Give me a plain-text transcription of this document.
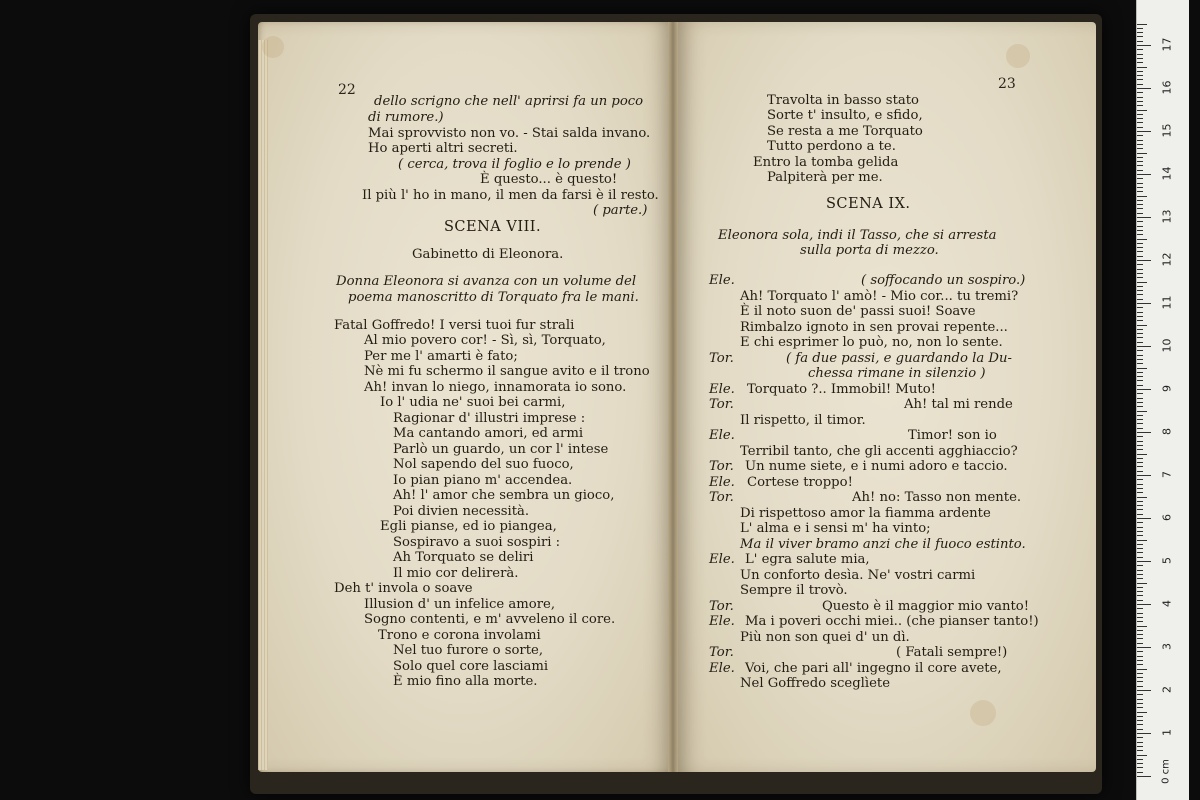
22
dello scrigno che nell' aprirsi fa un poco
di rumore.)
Mai sprovvisto non vo. - Stai salda invano.
Ho aperti altri secreti.
( cerca, trova il foglio e lo prende )
È questo... è questo!
Il più l' ho in mano, il men da farsi è il resto.
( parte.)
SCENA VIII.
Gabinetto di Eleonora.
Donna Eleonora si avanza con un volume del
poema manoscritto di Torquato fra le mani.
Fatal Goffredo! I versi tuoi fur strali
Al mio povero cor! - Sì, sì, Torquato,
Per me l' amarti è fato;
Nè mi fu schermo il sangue avito e il trono
Ah! invan lo niego, innamorata io sono.
Io l' udia ne' suoi bei carmi,
Ragionar d' illustri imprese :
Ma cantando amori, ed armi
Parlò un guardo, un cor l' intese
Nol sapendo del suo fuoco,
Io pian piano m' accendea.
Ah! l' amor che sembra un gioco,
Poi divien necessità.
Egli pianse, ed io piangea,
Sospiravo a suoi sospiri :
Ah Torquato se deliri
Il mio cor delirerà.
Deh t' invola o soave
Illusion d' un infelice amore,
Sogno contenti, e m' avveleno il core.
Trono e corona involami
Nel tuo furore o sorte,
Solo quel core lasciami
È mio fino alla morte.
23
Travolta in basso stato
Sorte t' insulto, e sfido,
Se resta a me Torquato
Tutto perdono a te.
Entro la tomba gelida
Palpiterà per me.
SCENA IX.
Eleonora sola, indi il Tasso, che si arresta
sulla porta di mezzo.
Ele.	( soffocando un sospiro.)
Ah! Torquato l' amò! - Mio cor... tu tremi?
È il noto suon de' passi suoi! Soave
Rimbalzo ignoto in sen provai repente...
E chi esprimer lo può, no, non lo sente.
Tor.	( fa due passi, e guardando la Du-
chessa rimane in silenzio )
Ele. Torquato ?.. Immobil! Muto!
Tor.	Ah! tal mi rende
Il rispetto, il timor.
Ele.	Timor! son io
Terribil tanto, che gli accenti agghiaccio?
Tor. Un nume siete, e i numi adoro e taccio.
Ele. Cortese troppo!
Tor.	Ah! no: Tasso non mente.
Di rispettoso amor la fiamma ardente
L' alma e i sensi m' ha vinto;
Ma il viver bramo anzi che il fuoco estinto.
Ele. L' egra salute mia,
Un conforto desìa. Ne' vostri carmi
Sempre il trovò.
Tor.	Questo è il maggior mio vanto!
Ele. Ma i poveri occhi miei.. (che pianser tanto!)
Più non son quei d' un dì.
Tor.	( Fatali sempre!)
Ele. Voi, che pari all' ingegno il core avete,
Nel Goffredo sceglìete
0 cm
1
2
3
4
5
6
7
8
9
10
11
12
13
14
15
16
17
